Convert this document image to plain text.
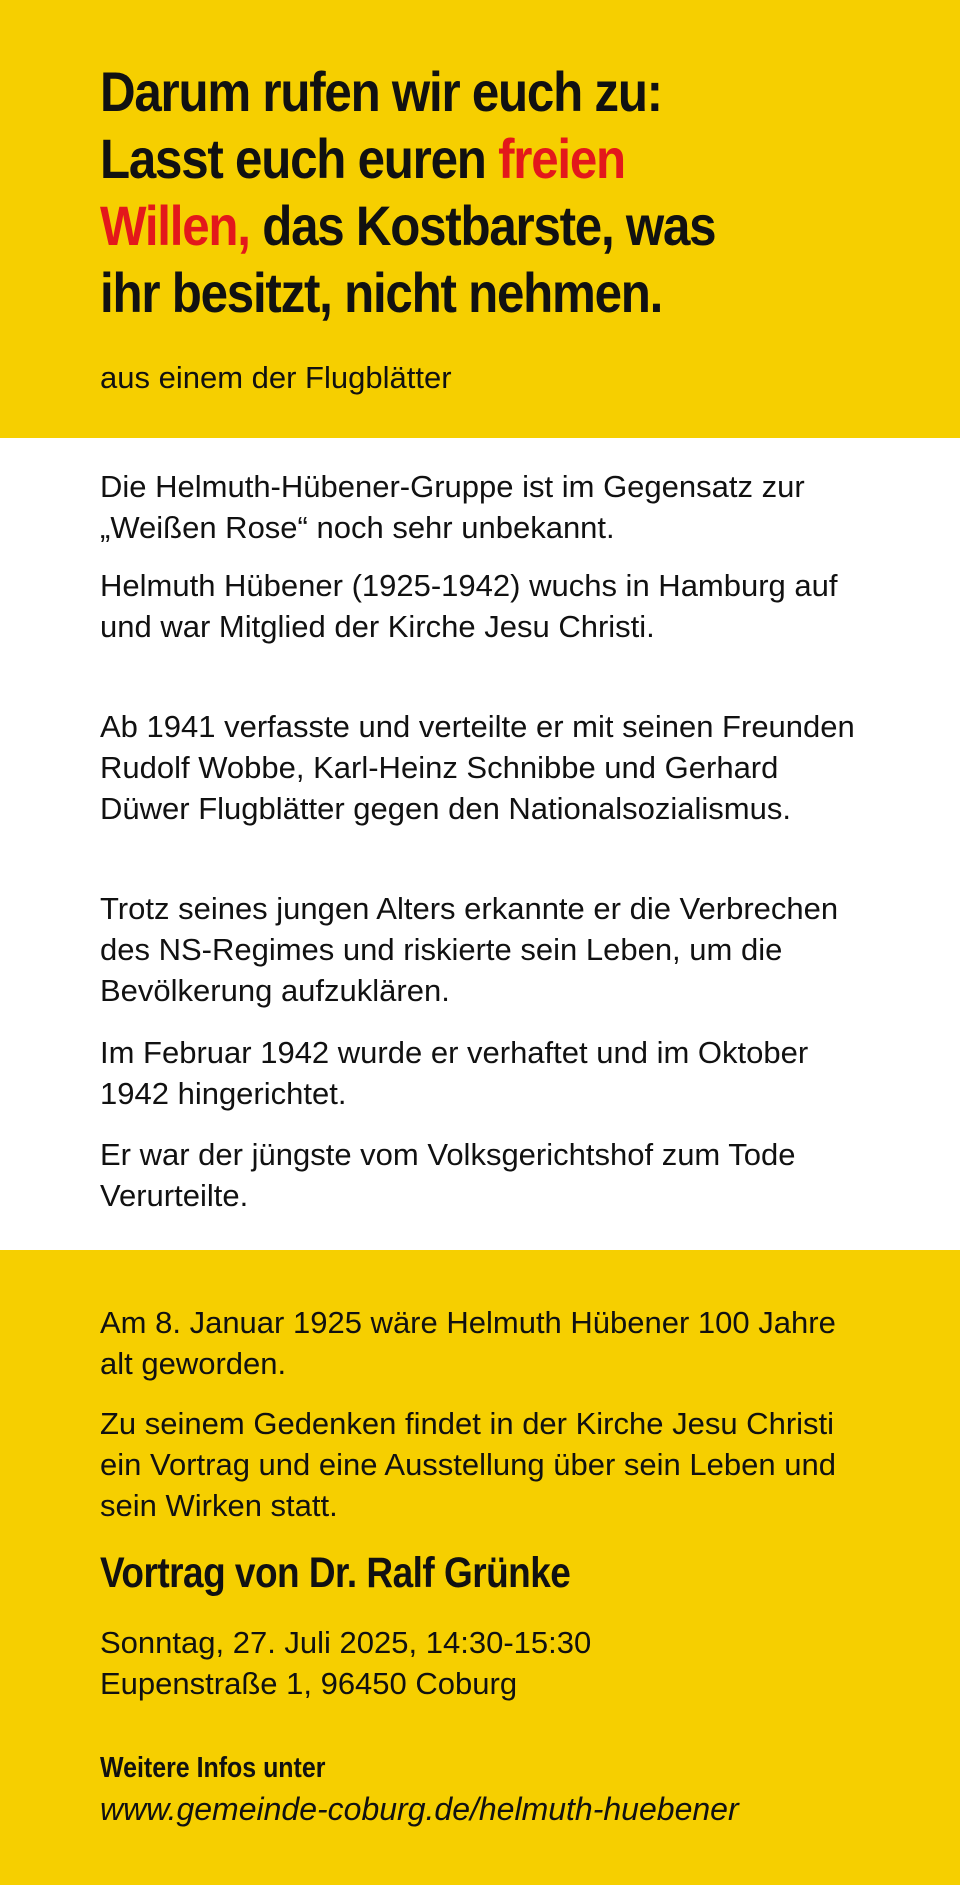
Darum rufen wir euch zu:
Lasst euch euren freien
Willen, das Kostbarste, was
ihr besitzt, nicht nehmen.

aus einem der Flugblätter

Die Helmuth-Hübener-Gruppe ist im Gegensatz zur „Weißen Rose“ noch sehr unbekannt.

Helmuth Hübener (1925-1942) wuchs in Hamburg auf und war Mitglied der Kirche Jesu Christi.

Ab 1941 verfasste und verteilte er mit seinen Freunden Rudolf Wobbe, Karl-Heinz Schnibbe und Gerhard Düwer Flugblätter gegen den Nationalsozialismus.

Trotz seines jungen Alters erkannte er die Verbrechen des NS-Regimes und riskierte sein Leben, um die Bevölkerung aufzuklären.

Im Februar 1942 wurde er verhaftet und im Oktober 1942 hingerichtet.

Er war der jüngste vom Volksgerichtshof zum Tode Verurteilte.

Am 8. Januar 1925 wäre Helmuth Hübener 100 Jahre alt geworden.

Zu seinem Gedenken findet in der Kirche Jesu Christi ein Vortrag und eine Ausstellung über sein Leben und sein Wirken statt.

Vortrag von Dr. Ralf Grünke

Sonntag, 27. Juli 2025, 14:30-15:30

Eupenstraße 1, 96450 Coburg

Weitere Infos unter

www.gemeinde-coburg.de/helmuth-huebener
